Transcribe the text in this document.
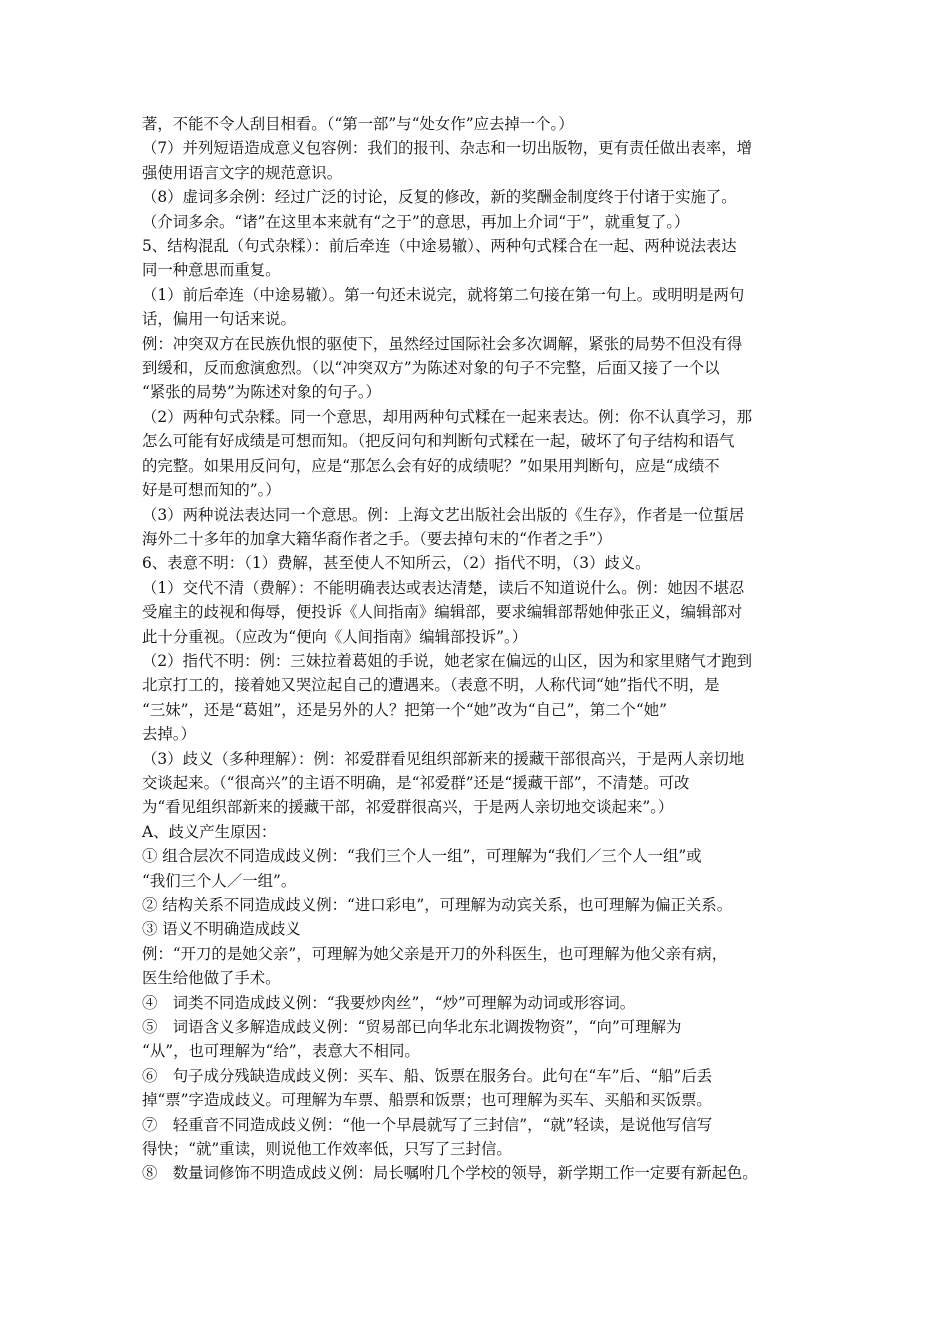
著，不能不令人刮目相看。（“第一部”与“处女作”应去掉一个。）
（7）并列短语造成意义包容例：我们的报刊、杂志和一切出版物，更有责任做出表率，增
强使用语言文字的规范意识。
（8）虚词多余例：经过广泛的讨论，反复的修改，新的奖酬金制度终于付诸于实施了。
（介词多余。“诸”在这里本来就有“之于”的意思，再加上介词“于”，就重复了。）
5、结构混乱（句式杂糅）：前后牵连（中途易辙）、两种句式糅合在一起、两种说法表达
同一种意思而重复。
（1）前后牵连（中途易辙）。第一句还未说完，就将第二句接在第一句上。或明明是两句
话，偏用一句话来说。
例：冲突双方在民族仇恨的驱使下，虽然经过国际社会多次调解，紧张的局势不但没有得
到缓和，反而愈演愈烈。（以“冲突双方”为陈述对象的句子不完整，后面又接了一个以
“紧张的局势”为陈述对象的句子。）
（2）两种句式杂糅。同一个意思，却用两种句式糅在一起来表达。例：你不认真学习，那
怎么可能有好成绩是可想而知。（把反问句和判断句式糅在一起，破坏了句子结构和语气
的完整。如果用反问句，应是“那怎么会有好的成绩呢？”如果用判断句，应是“成绩不
好是可想而知的”。）
（3）两种说法表达同一个意思。例：上海文艺出版社会出版的《生存》，作者是一位蜇居
海外二十多年的加拿大籍华裔作者之手。（要去掉句末的“作者之手”）
6、表意不明：（1）费解，甚至使人不知所云，（2）指代不明，（3）歧义。
（1）交代不清（费解）：不能明确表达或表达清楚，读后不知道说什么。例：她因不堪忍
受雇主的歧视和侮辱，便投诉《人间指南》编辑部，要求编辑部帮她伸张正义，编辑部对
此十分重视。（应改为“便向《人间指南》编辑部投诉”。）
（2）指代不明：例：三妹拉着葛姐的手说，她老家在偏远的山区，因为和家里赌气才跑到
北京打工的，接着她又哭泣起自己的遭遇来。（表意不明，人称代词“她”指代不明，是
“三妹”，还是“葛姐”，还是另外的人？把第一个“她”改为“自己”，第二个“她”
去掉。）
（3）歧义（多种理解）：例：祁爱群看见组织部新来的援藏干部很高兴，于是两人亲切地
交谈起来。（“很高兴”的主语不明确，是“祁爱群”还是“援藏干部”，不清楚。可改
为“看见组织部新来的援藏干部，祁爱群很高兴，于是两人亲切地交谈起来”。）
A、歧义产生原因：
① 组合层次不同造成歧义例：“我们三个人一组”，可理解为“我们／三个人一组”或
“我们三个人／一组”。
② 结构关系不同造成歧义例：“进口彩电”，可理解为动宾关系，也可理解为偏正关系。
③ 语义不明确造成歧义
例：“开刀的是她父亲”，可理解为她父亲是开刀的外科医生，也可理解为他父亲有病，
医生给他做了手术。
④　词类不同造成歧义例：“我要炒肉丝”，“炒”可理解为动词或形容词。
⑤　词语含义多解造成歧义例：“贸易部已向华北东北调拨物资”，“向”可理解为
“从”，也可理解为“给”，表意大不相同。
⑥　句子成分残缺造成歧义例：买车、船、饭票在服务台。此句在“车”后、“船”后丢
掉“票”字造成歧义。可理解为车票、船票和饭票；也可理解为买车、买船和买饭票。
⑦　轻重音不同造成歧义例：“他一个早晨就写了三封信”，“就”轻读，是说他写信写
得快；“就”重读，则说他工作效率低，只写了三封信。
⑧　数量词修饰不明造成歧义例：局长嘱咐几个学校的领导，新学期工作一定要有新起色。
